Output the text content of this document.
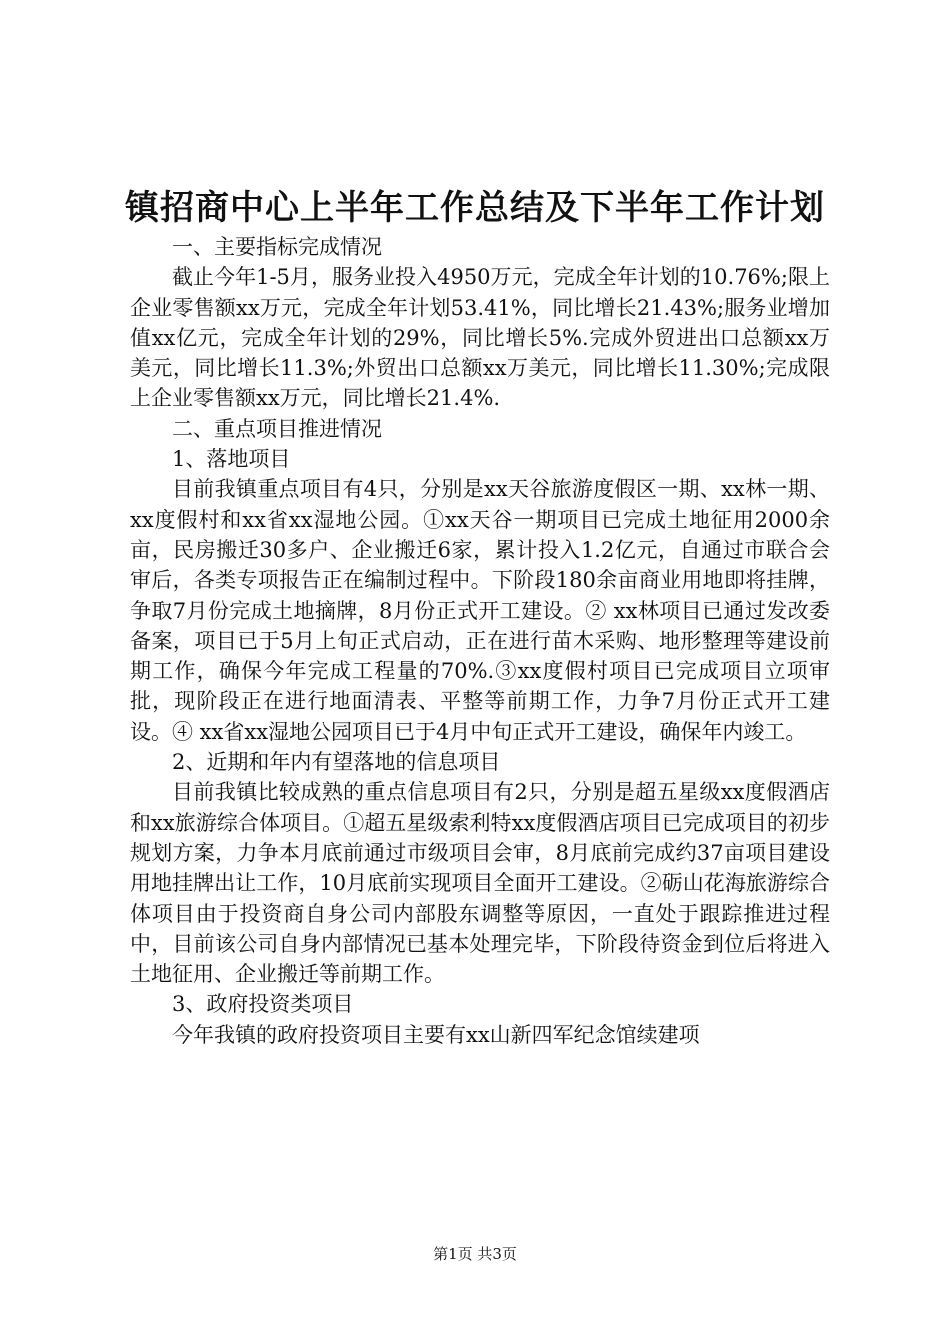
镇招商中心上半年工作总结及下半年工作计划

一、主要指标完成情况

截止今年1-5月，服务业投入4950万元，完成全年计划的10.76%;限上企业零售额xx万元，完成全年计划53.41%，同比增长21.43%;服务业增加值xx亿元，完成全年计划的29%，同比增长5%.完成外贸进出口总额xx万美元，同比增长11.3%;外贸出口总额xx万美元，同比增长11.30%;完成限上企业零售额xx万元，同比增长21.4%.

二、重点项目推进情况

1、落地项目

目前我镇重点项目有4只，分别是xx天谷旅游度假区一期、xx林一期、xx度假村和xx省xx湿地公园。①xx天谷一期项目已完成土地征用2000余亩，民房搬迁30多户、企业搬迁6家，累计投入1.2亿元，自通过市联合会审后，各类专项报告正在编制过程中。下阶段180余亩商业用地即将挂牌，争取7月份完成土地摘牌，8月份正式开工建设。② xx林项目已通过发改委备案，项目已于5月上旬正式启动，正在进行苗木采购、地形整理等建设前期工作，确保今年完成工程量的70%.③xx度假村项目已完成项目立项审批，现阶段正在进行地面清表、平整等前期工作，力争7月份正式开工建设。④ xx省xx湿地公园项目已于4月中旬正式开工建设，确保年内竣工。

2、近期和年内有望落地的信息项目

目前我镇比较成熟的重点信息项目有2只，分别是超五星级xx度假酒店和xx旅游综合体项目。①超五星级索利特xx度假酒店项目已完成项目的初步规划方案，力争本月底前通过市级项目会审，8月底前完成约37亩项目建设用地挂牌出让工作，10月底前实现项目全面开工建设。②砺山花海旅游综合体项目由于投资商自身公司内部股东调整等原因，一直处于跟踪推进过程中，目前该公司自身内部情况已基本处理完毕，下阶段待资金到位后将进入土地征用、企业搬迁等前期工作。

3、政府投资类项目

今年我镇的政府投资项目主要有xx山新四军纪念馆续建项

第1页 共3页
